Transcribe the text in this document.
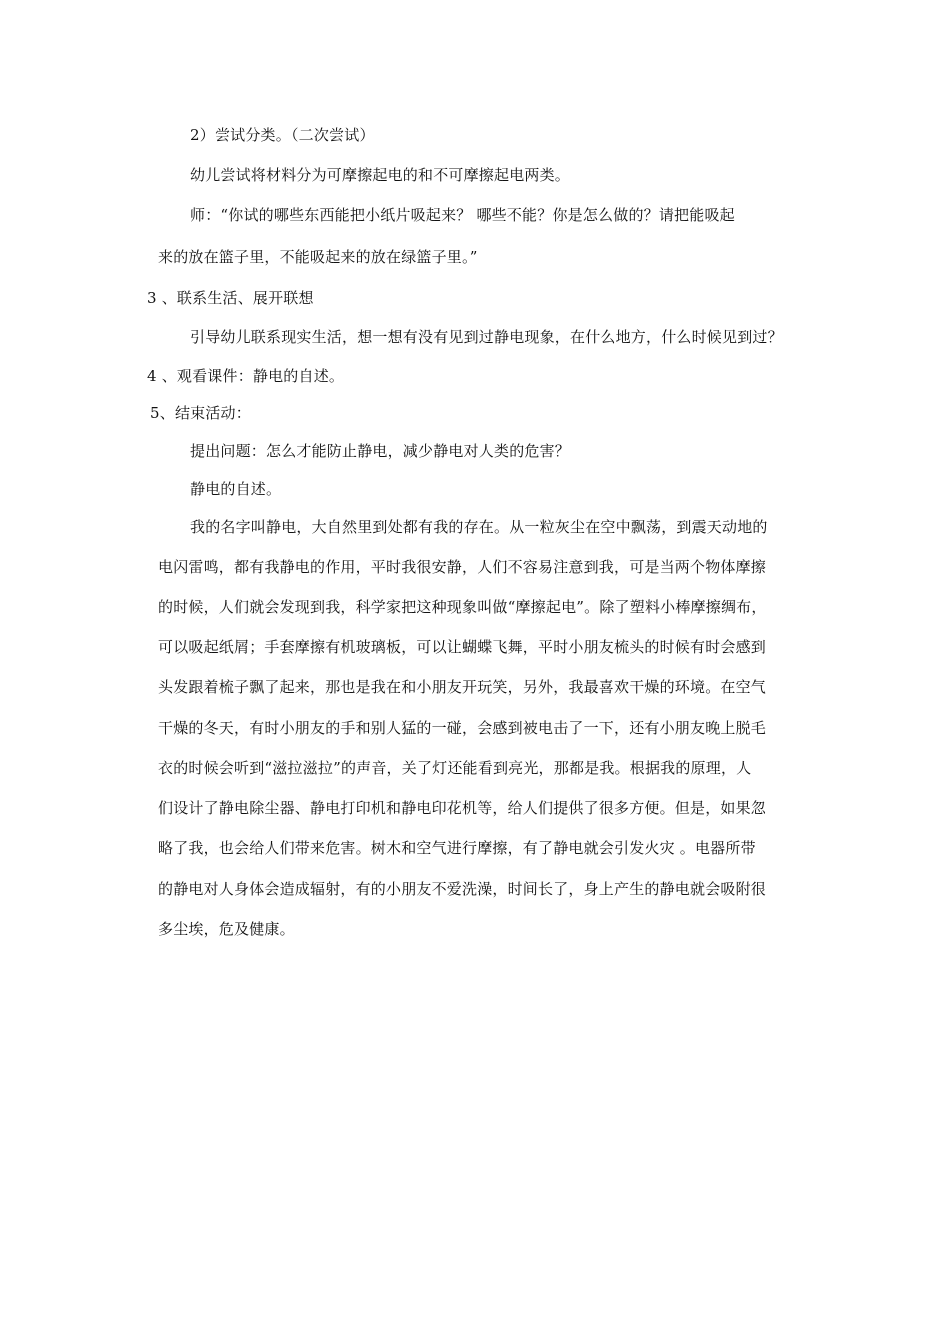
2）尝试分类。（二次尝试）
幼儿尝试将材料分为可摩擦起电的和不可摩擦起电两类。
师：“你试的哪些东西能把小纸片吸起来？ 哪些不能？你是怎么做的？请把能吸起
来的放在篮子里，不能吸起来的放在绿篮子里。”
3 、联系生活、展开联想
引导幼儿联系现实生活，想一想有没有见到过静电现象，在什么地方，什么时候见到过？
4 、观看课件：静电的自述。
5、结束活动：
提出问题：怎么才能防止静电，减少静电对人类的危害？
静电的自述。
我的名字叫静电，大自然里到处都有我的存在。从一粒灰尘在空中飘荡，到震天动地的
电闪雷鸣，都有我静电的作用，平时我很安静，人们不容易注意到我，可是当两个物体摩擦
的时候，人们就会发现到我，科学家把这种现象叫做“摩擦起电”。除了塑料小棒摩擦绸布，
可以吸起纸屑；手套摩擦有机玻璃板，可以让蝴蝶飞舞，平时小朋友梳头的时候有时会感到
头发跟着梳子飘了起来，那也是我在和小朋友开玩笑，另外，我最喜欢干燥的环境。在空气
干燥的冬天，有时小朋友的手和别人猛的一碰，会感到被电击了一下，还有小朋友晚上脱毛
衣的时候会听到“滋拉滋拉”的声音，关了灯还能看到亮光，那都是我。根据我的原理，人
们设计了静电除尘器、静电打印机和静电印花机等，给人们提供了很多方便。但是，如果忽
略了我，也会给人们带来危害。树木和空气进行摩擦，有了静电就会引发火灾 。电器所带
的静电对人身体会造成辐射，有的小朋友不爱洗澡，时间长了，身上产生的静电就会吸附很
多尘埃，危及健康。
